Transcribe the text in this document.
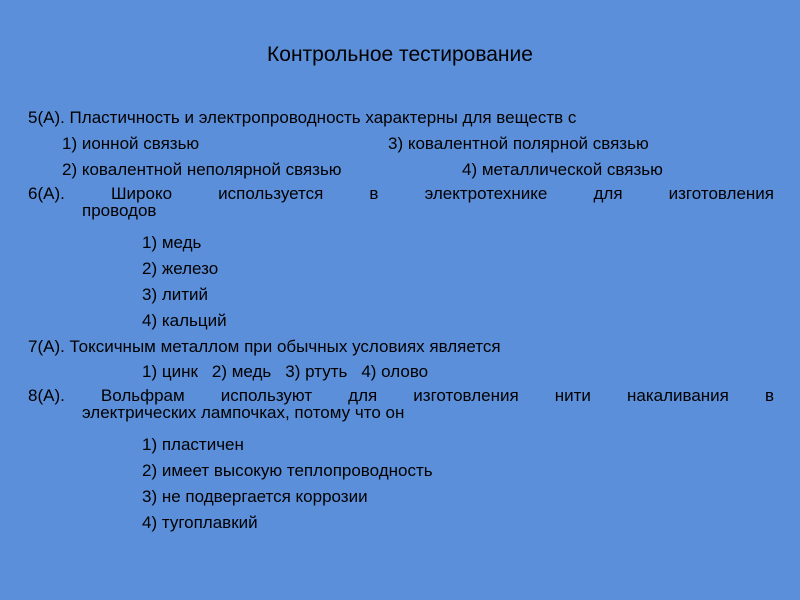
Контрольное тестирование
5(А). Пластичность и электропроводность характерны для веществ с
1) ионной связью	3) ковалентной полярной связью
2) ковалентной неполярной связью	4) металлической связью
6(А). Широко используется в электротехнике для изготовления
проводов
1) медь
2) железо
3) литий
4) кальций
7(А). Токсичным металлом при обычных условиях является
1) цинк 2) медь 3) ртуть 4) олово
8(А). Вольфрам используют для изготовления нити накаливания в
электрических лампочках, потому что он
1) пластичен
2) имеет высокую теплопроводность
3) не подвергается коррозии
4) тугоплавкий
